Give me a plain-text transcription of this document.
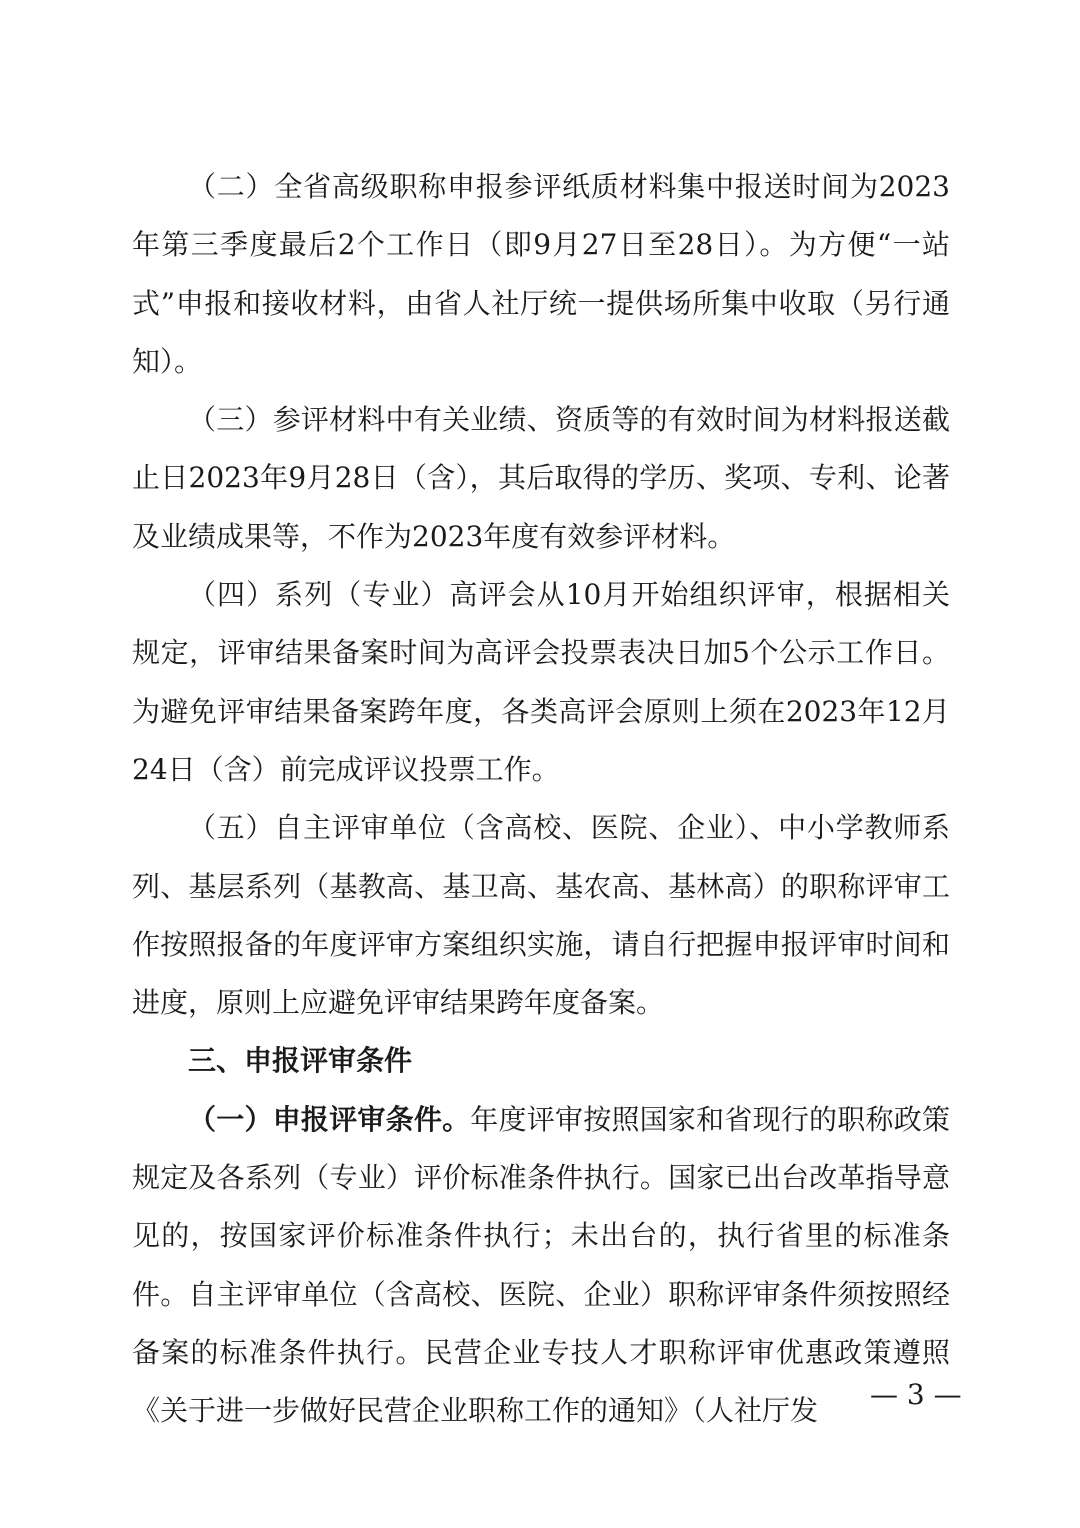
（二）全省高级职称申报参评纸质材料集中报送时间为2023年第三季度最后2个工作日（即9月27日至28日）。为方便“一站式”申报和接收材料，由省人社厅统一提供场所集中收取（另行通知）。

（三）参评材料中有关业绩、资质等的有效时间为材料报送截止日2023年9月28日（含），其后取得的学历、奖项、专利、论著及业绩成果等，不作为2023年度有效参评材料。

（四）系列（专业）高评会从10月开始组织评审，根据相关规定，评审结果备案时间为高评会投票表决日加5个公示工作日。为避免评审结果备案跨年度，各类高评会原则上须在2023年12月24日（含）前完成评议投票工作。

（五）自主评审单位（含高校、医院、企业）、中小学教师系列、基层系列（基教高、基卫高、基农高、基林高）的职称评审工作按照报备的年度评审方案组织实施，请自行把握申报评审时间和进度，原则上应避免评审结果跨年度备案。

三、申报评审条件

（一）申报评审条件。年度评审按照国家和省现行的职称政策规定及各系列（专业）评价标准条件执行。国家已出台改革指导意见的，按国家评价标准条件执行；未出台的，执行省里的标准条件。自主评审单位（含高校、医院、企业）职称评审条件须按照经备案的标准条件执行。民营企业专技人才职称评审优惠政策遵照《关于进一步做好民营企业职称工作的通知》（人社厅发	— 3 —
